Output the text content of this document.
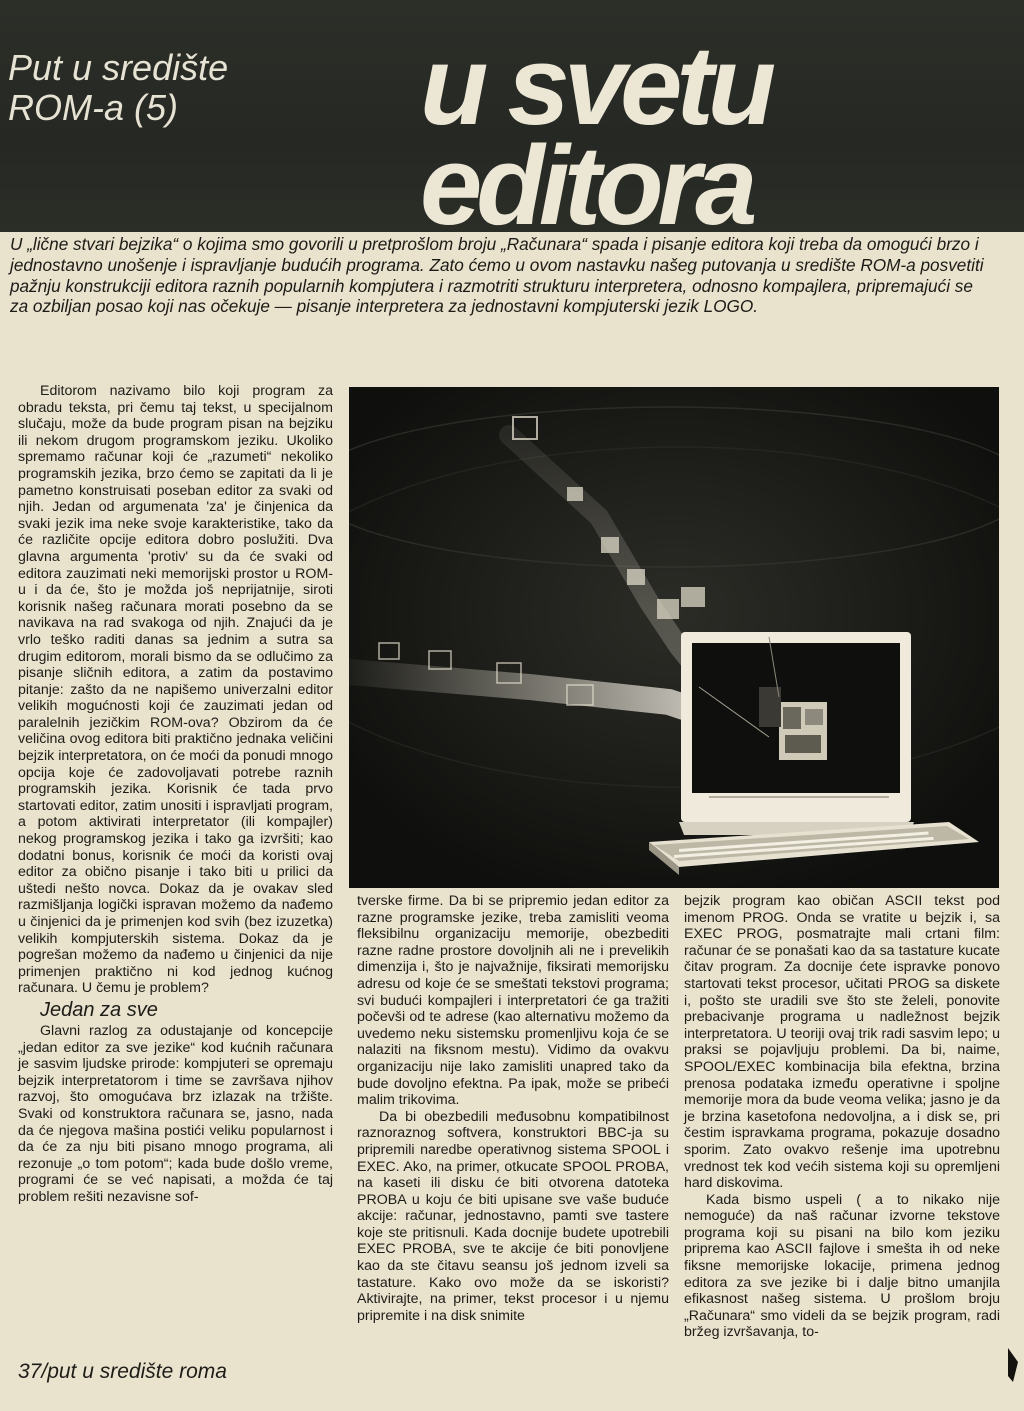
Put u središte
ROM-a (5)	u svetu
editora
U „lične stvari bejzika“ o kojima smo govorili u pretprošlom broju „Računara“ spada i pisanje editora koji treba da omogući brzo i jednostavno unošenje i ispravljanje budućih programa. Zato ćemo u ovom nastavku našeg putovanja u središte ROM-a posvetiti pažnju konstrukciji editora raznih popularnih kompjutera i razmotriti strukturu interpretera, odnosno kompajlera, pripremajući se za ozbiljan posao koji nas očekuje — pisanje interpretera za jednostavni kompjuterski jezik LOGO.

Editorom nazivamo bilo koji program za obradu teksta, pri čemu taj tekst, u specijalnom slučaju, može da bude program pisan na bejziku ili nekom drugom programskom jeziku. Ukoliko spremamo računar koji će „razumeti“ nekoliko programskih jezika, brzo ćemo se zapitati da li je pametno konstruisati poseban editor za svaki od njih. Jedan od argumenata 'za' je činjenica da svaki jezik ima neke svoje karakteristike, tako da će različite opcije editora dobro poslužiti. Dva glavna argumenta 'protiv' su da će svaki od editora zauzimati neki memorijski prostor u ROM-u i da će, što je možda još neprijatnije, siroti korisnik našeg računara morati posebno da se navikava na rad svakoga od njih. Znajući da je vrlo teško raditi danas sa jednim a sutra sa drugim editorom, morali bismo da se odlučimo za pisanje sličnih editora, a zatim da postavimo pitanje: zašto da ne napišemo univerzalni editor velikih mogućnosti koji će zauzimati jedan od paralelnih jezičkim ROM-ova? Obzirom da će veličina ovog editora biti praktično jednaka veličini bejzik interpretatora, on će moći da ponudi mnogo opcija koje će zadovoljavati potrebe raznih programskih jezika. Korisnik će tada prvo startovati editor, zatim unositi i ispravljati program, a potom aktivirati interpretator (ili kompajler) nekog programskog jezika i tako ga izvršiti; kao dodatni bonus, korisnik će moći da koristi ovaj editor za obično pisanje i tako biti u prilici da uštedi nešto novca. Dokaz da je ovakav sled razmišljanja logički ispravan možemo da nađemo u činjenici da je primenjen kod svih (bez izuzetka) velikih kompjuterskih sistema. Dokaz da je pogrešan možemo da nađemo u činjenici da nije primenjen praktično ni kod jednog kućnog računara. U čemu je problem?

Jedan za sve

Glavni razlog za odustajanje od koncepcije „jedan editor za sve jezike“ kod kućnih računara je sasvim ljudske prirode: kompjuteri se opremaju bejzik interpretatorom i time se završava njihov razvoj, što omogućava brz izlazak na tržište. Svaki od konstruktora računara se, jasno, nada da će njegova mašina postići veliku popularnost i da će za nju biti pisano mnogo programa, ali rezonuje „o tom potom“; kada bude došlo vreme, programi će se već napisati, a možda će taj problem rešiti nezavisne sof-

tverske firme. Da bi se pripremio jedan editor za razne programske jezike, treba zamisliti veoma fleksibilnu organizaciju memorije, obezbediti razne radne prostore dovoljnih ali ne i prevelikih dimenzija i, što je najvažnije, fiksirati memorijsku adresu od koje će se smeštati tekstovi programa; svi budući kompajleri i interpretatori će ga tražiti počevši od te adrese (kao alternativu možemo da uvedemo neku sistemsku promenljivu koja će se nalaziti na fiksnom mestu). Vidimo da ovakvu organizaciju nije lako zamisliti unapred tako da bude dovoljno efektna. Pa ipak, može se pribeći malim trikovima.

Da bi obezbedili međusobnu kompatibilnost raznoraznog softvera, konstruktori BBC-ja su pripremili naredbe operativnog sistema SPOOL i EXEC. Ako, na primer, otkucate SPOOL PROBA, na kaseti ili disku će biti otvorena datoteka PROBA u koju će biti upisane sve vaše buduće akcije: računar, jednostavno, pamti sve tastere koje ste pritisnuli. Kada docnije budete upotrebili EXEC PROBA, sve te akcije će biti ponovljene kao da ste čitavu seansu još jednom izveli sa tastature. Kako ovo može da se iskoristi? Aktivirajte, na primer, tekst procesor i u njemu pripremite i na disk snimite

bejzik program kao običan ASCII tekst pod imenom PROG. Onda se vratite u bejzik i, sa EXEC PROG, posmatrajte mali crtani film: računar će se ponašati kao da sa tastature kucate čitav program. Za docnije ćete ispravke ponovo startovati tekst procesor, učitati PROG sa diskete i, pošto ste uradili sve što ste želeli, ponovite prebacivanje programa u nadležnost bejzik interpretatora. U teoriji ovaj trik radi sasvim lepo; u praksi se pojavljuju problemi. Da bi, naime, SPOOL/EXEC kombinacija bila efektna, brzina prenosa podataka između operativne i spoljne memorije mora da bude veoma velika; jasno je da je brzina kasetofona nedovoljna, a i disk se, pri čestim ispravkama programa, pokazuje dosadno sporim. Zato ovakvo rešenje ima upotrebnu vrednost tek kod većih sistema koji su opremljeni hard diskovima.

Kada bismo uspeli ( a to nikako nije nemoguće) da naš računar izvorne tekstove programa koji su pisani na bilo kom jeziku priprema kao ASCII fajlove i smešta ih od neke fiksne memorijske lokacije, primena jednog editora za sve jezike bi i dalje bitno umanjila efikasnost našeg sistema. U prošlom broju „Računara“ smo videli da se bejzik program, radi bržeg izvršavanja, to-

37/put u središte roma
